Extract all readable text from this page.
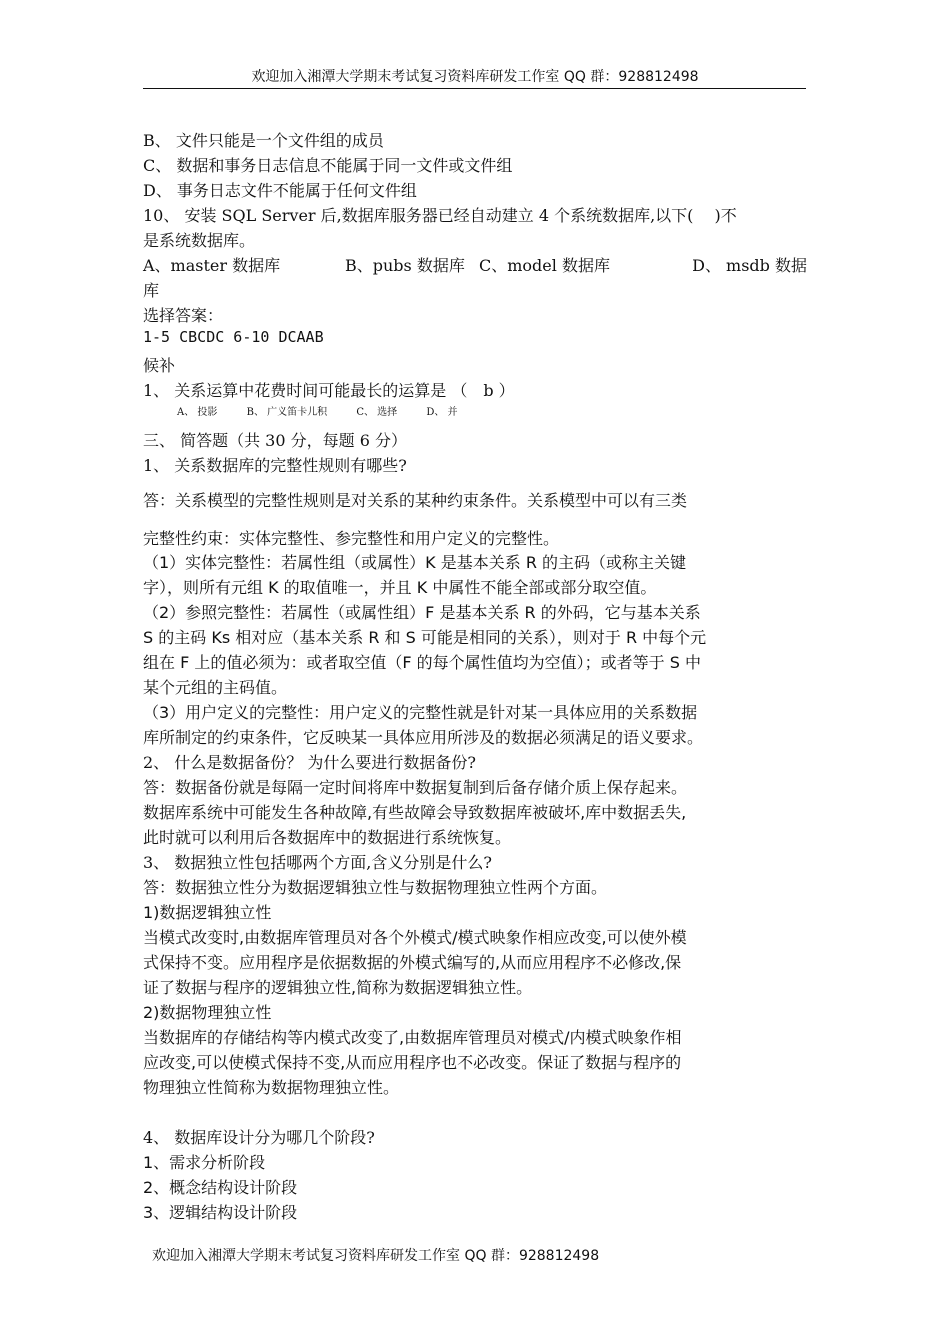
欢迎加入湘潭大学期末考试复习资料库研发工作室 QQ 群：928812498
B、 文件只能是一个文件组的成员
C、 数据和事务日志信息不能属于同一文件或文件组
D、 事务日志文件不能属于任何文件组
10、 安装 SQL Server 后,数据库服务器已经自动建立 4 个系统数据库,以下(　 )不
是系统数据库。
A、master 数据库	B、pubs 数据库 C、model 数据库	D、 msdb 数据
库
选择答案：
1-5 CBCDC 6-10 DCAAB
候补
1、 关系运算中花费时间可能最长的运算是 （　b ）
A、 投影	B、 广义笛卡儿积	C、 选择	D、 并
三、 简答题（共 30 分，每题 6 分）
1、 关系数据库的完整性规则有哪些?
答：关系模型的完整性规则是对关系的某种约束条件。关系模型中可以有三类
完整性约束：实体完整性、参完整性和用户定义的完整性。
（1）实体完整性：若属性组（或属性）K 是基本关系 R 的主码（或称主关键
字），则所有元组 K 的取值唯一，并且 K 中属性不能全部或部分取空值。
（2）参照完整性：若属性（或属性组）F 是基本关系 R 的外码，它与基本关系
S 的主码 Ks 相对应（基本关系 R 和 S 可能是相同的关系），则对于 R 中每个元
组在 F 上的值必须为：或者取空值（F 的每个属性值均为空值）；或者等于 S 中
某个元组的主码值。
（3）用户定义的完整性：用户定义的完整性就是针对某一具体应用的关系数据
库所制定的约束条件，它反映某一具体应用所涉及的数据必须满足的语义要求。
2、 什么是数据备份？ 为什么要进行数据备份?
答：数据备份就是每隔一定时间将库中数据复制到后备存储介质上保存起来。
数据库系统中可能发生各种故障,有些故障会导致数据库被破坏,库中数据丢失,
此时就可以利用后各数据库中的数据进行系统恢复。
3、 数据独立性包括哪两个方面,含义分别是什么?
答：数据独立性分为数据逻辑独立性与数据物理独立性两个方面。
1)数据逻辑独立性
当模式改变时,由数据库管理员对各个外模式/模式映象作相应改变,可以使外模
式保持不变。应用程序是依据数据的外模式编写的,从而应用程序不必修改,保
证了数据与程序的逻辑独立性,简称为数据逻辑独立性。
2)数据物理独立性
当数据库的存储结构等内模式改变了,由数据库管理员对模式/内模式映象作相
应改变,可以使模式保持不变,从而应用程序也不必改变。保证了数据与程序的
物理独立性简称为数据物理独立性。
4、 数据库设计分为哪几个阶段?
1、需求分析阶段
2、概念结构设计阶段
3、逻辑结构设计阶段
欢迎加入湘潭大学期末考试复习资料库研发工作室 QQ 群：928812498
